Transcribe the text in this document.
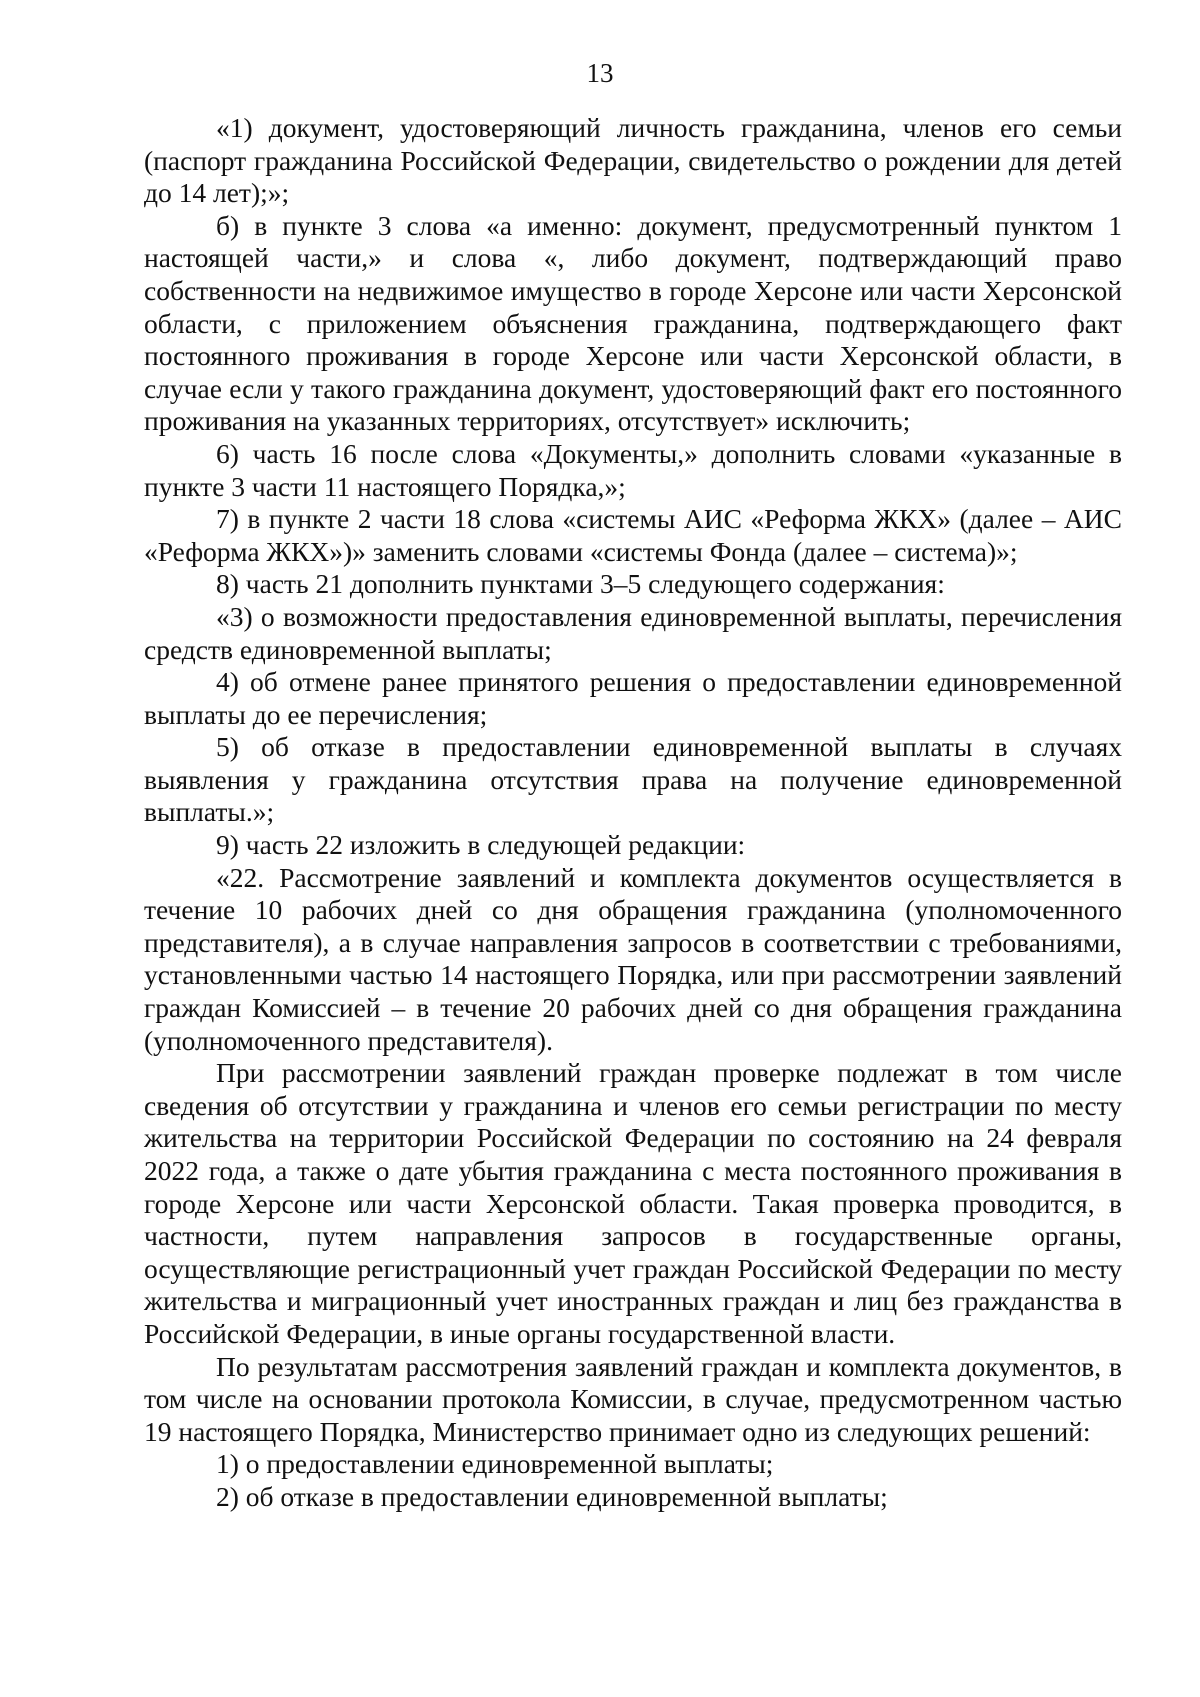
13

«1) документ, удостоверяющий личность гражданина, членов его семьи (паспорт гражданина Российской Федерации, свидетельство о рождении для детей до 14 лет);»;

б) в пункте 3 слова «а именно: документ, предусмотренный пунктом 1 настоящей части,» и слова «, либо документ, подтверждающий право собственности на недвижимое имущество в городе Херсоне или части Херсонской области, с приложением объяснения гражданина, подтверждающего факт постоянного проживания в городе Херсоне или части Херсонской области, в случае если у такого гражданина документ, удостоверяющий факт его постоянного проживания на указанных территориях, отсутствует» исключить;

6) часть 16 после слова «Документы,» дополнить словами «указанные в пункте 3 части 11 настоящего Порядка,»;

7) в пункте 2 части 18 слова «системы АИС «Реформа ЖКХ» (далее – АИС «Реформа ЖКХ»)» заменить словами «системы Фонда (далее – система)»;

8) часть 21 дополнить пунктами 3–5 следующего содержания:

«3) о возможности предоставления единовременной выплаты, перечисления средств единовременной выплаты;

4) об отмене ранее принятого решения о предоставлении единовременной выплаты до ее перечисления;

5) об отказе в предоставлении единовременной выплаты в случаях выявления у гражданина отсутствия права на получение единовременной выплаты.»;

9) часть 22 изложить в следующей редакции:

«22. Рассмотрение заявлений и комплекта документов осуществляется в течение 10 рабочих дней со дня обращения гражданина (уполномоченного представителя), а в случае направления запросов в соответствии с требованиями, установленными частью 14 настоящего Порядка, или при рассмотрении заявлений граждан Комиссией – в течение 20 рабочих дней со дня обращения гражданина (уполномоченного представителя).

При рассмотрении заявлений граждан проверке подлежат в том числе сведения об отсутствии у гражданина и членов его семьи регистрации по месту жительства на территории Российской Федерации по состоянию на 24 февраля 2022 года, а также о дате убытия гражданина с места постоянного проживания в городе Херсоне или части Херсонской области. Такая проверка проводится, в частности, путем направления запросов в государственные органы, осуществляющие регистрационный учет граждан Российской Федерации по месту жительства и миграционный учет иностранных граждан и лиц без гражданства в Российской Федерации, в иные органы государственной власти.

По результатам рассмотрения заявлений граждан и комплекта документов, в том числе на основании протокола Комиссии, в случае, предусмотренном частью 19 настоящего Порядка, Министерство принимает одно из следующих решений:

1) о предоставлении единовременной выплаты;

2) об отказе в предоставлении единовременной выплаты;
